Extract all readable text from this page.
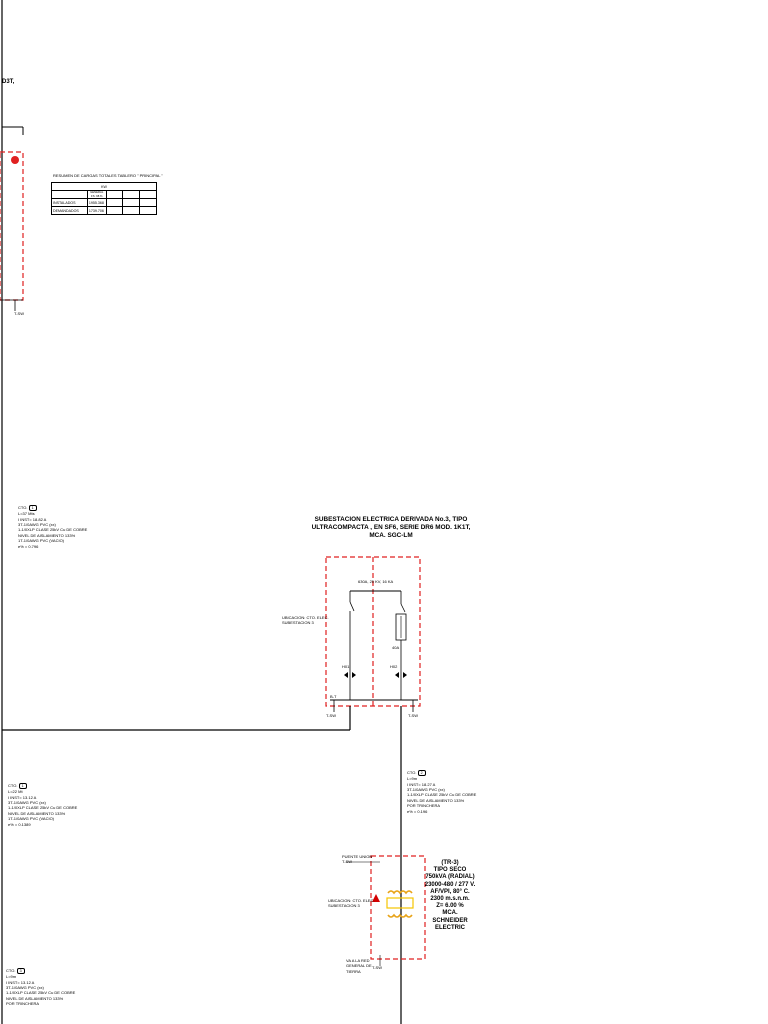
D3T,
RESUMEN DE CARGAS TOTALES TABLERO " PRINCIPAL "
KW				

	GENERAL
FS: 98 %			

INSTALADOS	1955.368			
DEMANDADOS	1739.706			
T-SW
SUBESTACION ELECTRICA DERIVADA No.3, TIPO
ULTRACOMPACTA , EN SF6, SERIE DR6 MOD. 1K1T,
MCA. SGC-LM
630A, 25 KV, 16 KA
UBICACION: CTO. ELEC.
SUBESTACION 3
40A
H01	H02
B-T
T-SW	T-SW
CTO. 1
L=37 Mts
I INST= 18.82 A
3T-1/0AWG PVC (xx)
1-1/0XLP CLASE 25kV Cu DE COBRE
NIVEL DE AISLAMIENTO 133%
1T-1/0AWG PVC (VACIO)
e% = 0.796
CTO. 2
L=9m
I INST= 18.27 A
3T-1/0AWG PVC (xx)
1-1/0XLP CLASE 25kV Cu DE COBRE
NIVEL DE AISLAMIENTO 133%
POR TRINCHERA
e% = 0.196
CTO. 1
L=22 Mt
I INST= 13.12 A
3T-1/0AWG PVC (xx)
1-1/0XLP CLASE 25kV Cu DE COBRE
NIVEL DE AISLAMIENTO 133%
1T-1/0AWG PVC (VACIO)
e% = 0.1389
CTO. 3
L=9m
I INST= 13.12 A
3T-1/0AWG PVC (xx)
1-1/0XLP CLASE 25kV Cu DE COBRE
NIVEL DE AISLAMIENTO 133%
POR TRINCHERA
(TR-3)
TIPO SECO
750kVA (RADIAL)
23000-480 / 277 V.
AF/VPI, 80° C.
2300 m.s.n.m.
Z= 6.00 %
MCA. SCHNEIDER
ELECTRIC
PUENTE UNION
T-SW
UBICACION: CTO. ELEC.
SUBESTACION 3
VA A LA RED
GENERAL DE
TIERRA
T-SW
